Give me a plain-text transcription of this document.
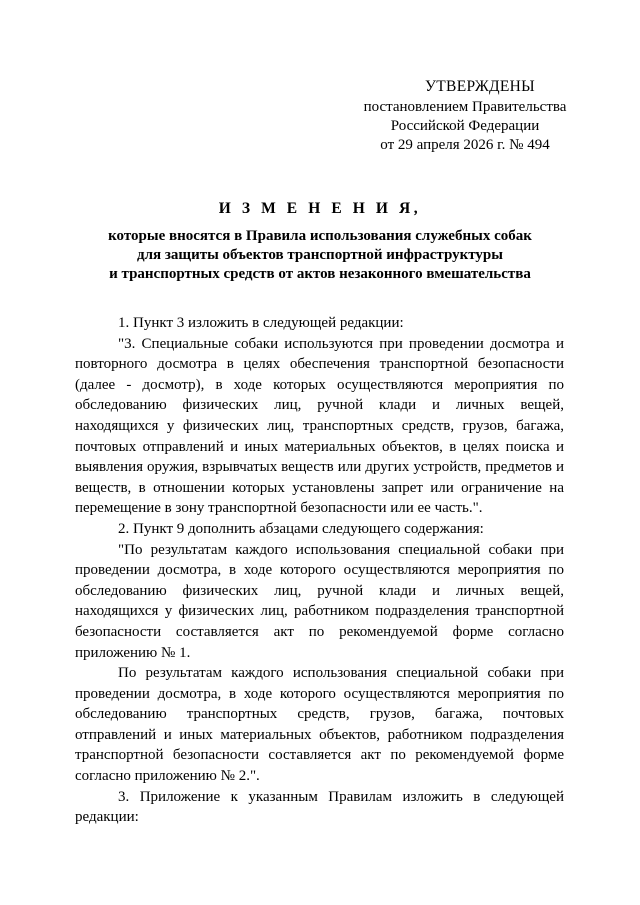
УТВЕРЖДЕНЫ
постановлением Правительства
Российской Федерации
от 29 апреля 2026 г. № 494
И З М Е Н Е Н И Я,
которые вносятся в Правила использования служебных собак
для защиты объектов транспортной инфраструктуры
и транспортных средств от актов незаконного вмешательства

1. Пункт 3 изложить в следующей редакции:

"3. Специальные собаки используются при проведении досмотра и повторного досмотра в целях обеспечения транспортной безопасности (далее - досмотр), в ходе которых осуществляются мероприятия по обследованию физических лиц, ручной клади и личных вещей, находящихся у физических лиц, транспортных средств, грузов, багажа, почтовых отправлений и иных материальных объектов, в целях поиска и выявления оружия, взрывчатых веществ или других устройств, предметов и веществ, в отношении которых установлены запрет или ограничение на перемещение в зону транспортной безопасности или ее часть.".

2. Пункт 9 дополнить абзацами следующего содержания:

"По результатам каждого использования специальной собаки при проведении досмотра, в ходе которого осуществляются мероприятия по обследованию физических лиц, ручной клади и личных вещей, находящихся у физических лиц, работником подразделения транспортной безопасности составляется акт по рекомендуемой форме согласно приложению № 1.

По результатам каждого использования специальной собаки при проведении досмотра, в ходе которого осуществляются мероприятия по обследованию транспортных средств, грузов, багажа, почтовых отправлений и иных материальных объектов, работником подразделения транспортной безопасности составляется акт по рекомендуемой форме согласно приложению № 2.".

3. Приложение к указанным Правилам изложить в следующей редакции:
